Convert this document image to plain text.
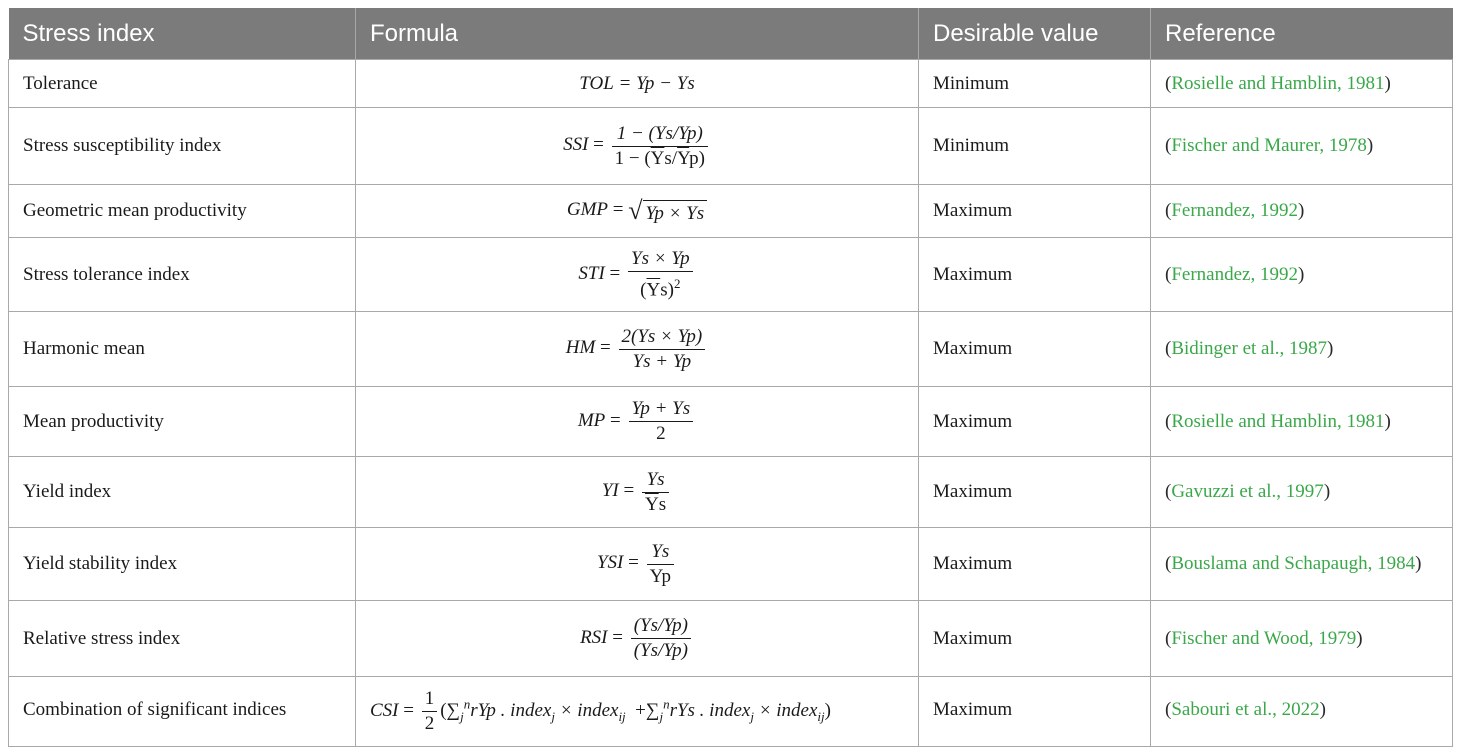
Stress index	Formula	Desirable value	Reference
Tolerance	TOL = Yp − Ys	Minimum	(Rosielle and Hamblin, 1981)
Stress susceptibility index	SSI = $\frac{1 - (Ys/Yp)}{1 - (\overline{Y}s/\overline{Y}p)}$	Minimum	(Fischer and Maurer, 1978)
Geometric mean productivity	GMP = √ Yp × Ys	Maximum	(Fernandez, 1992)
Stress tolerance index	STI = $\frac{Ys \times Yp}{(\overline{Y}s)^2}$	Maximum	(Fernandez, 1992)
Harmonic mean	HM = $\frac{2(Ys \times Yp)}{Ys + Yp}$	Maximum	(Bidinger et al., 1987)
Mean productivity	MP = $\frac{Yp + Ys}{2}$	Maximum	(Rosielle and Hamblin, 1981)
Yield index	YI = $\frac{Ys}{\overline{Y}s}$	Maximum	(Gavuzzi et al., 1997)
Yield stability index	YSI = $\frac{Ys}{Yp}$	Maximum	(Bouslama and Schapaugh, 1984)
Relative stress index	RSI = $\frac{(Ys/Yp)}{(Ys/Yp)}$	Maximum	(Fischer and Wood, 1979)
Combination of significant indices	CSI = $\frac{1}{2} (\sum_j^nrYp$ . index$_j$ × index$_{ij}$  $+\sum_j^nrYs$ . index$_j$ × index$_{ij}$)	Maximum	(Sabouri et al., 2022)
